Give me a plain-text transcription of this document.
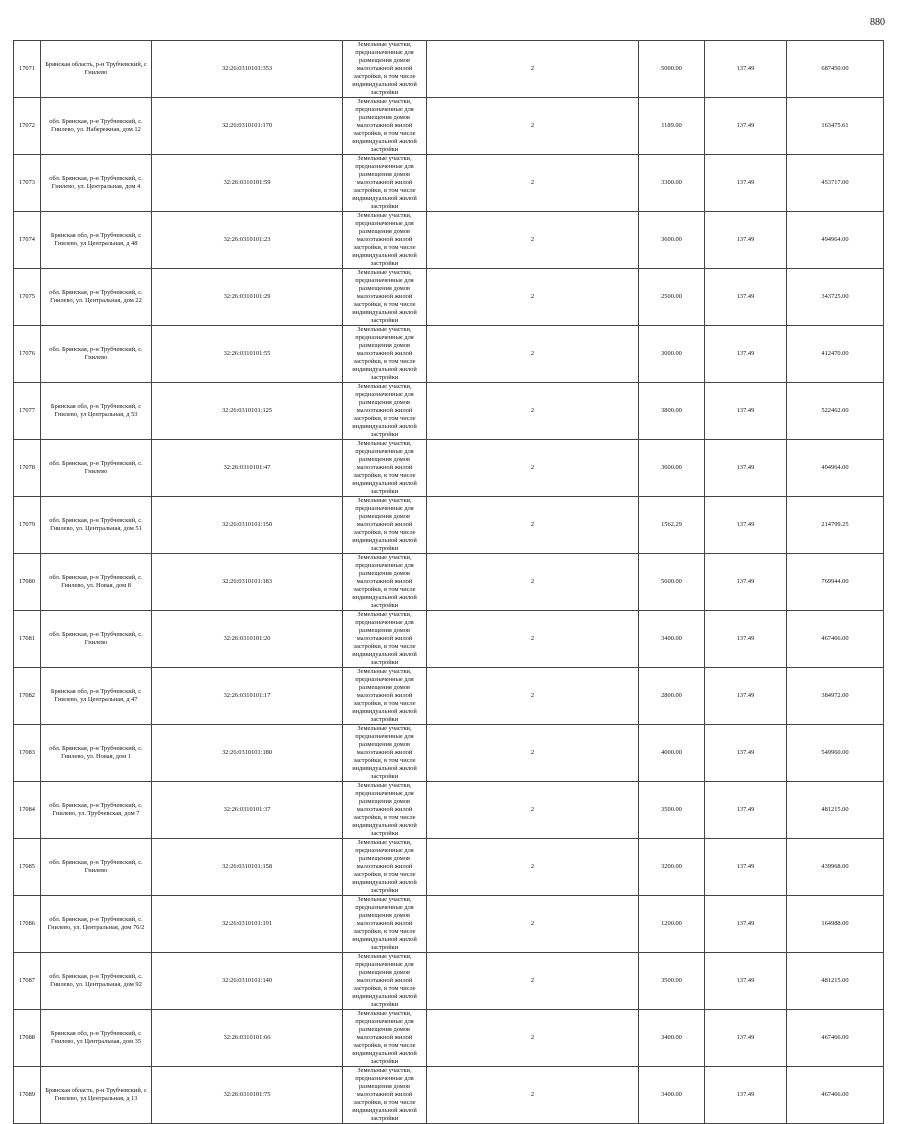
880
17071	Брянская область, р-н Трубчевский, с Гнилево	32:26:0310101:353	Земельные участки, предназначенные для размещения домов малоэтажной жилой застройки, в том числе индивидуальной жилой застройки	2	5000.00	137.49	687450.00
17072	обл. Брянская, р-н Трубчевский, с. Гнилево, ул. Набережная, дом 12	32:26:0310101:170	Земельные участки, предназначенные для размещения домов малоэтажной жилой застройки, в том числе индивидуальной жилой застройки	2	1189.00	137.49	163475.61
17073	обл. Брянская, р-н Трубчевский, с. Гнилево, ул. Центральная, дом 4	32:26:0310101:59	Земельные участки, предназначенные для размещения домов малоэтажной жилой застройки, в том числе индивидуальной жилой застройки	2	3300.00	137.49	453717.00
17074	Брянская обл, р-н Трубчевский, с Гнилево, ул Центральная, д 48	32:26:0310101:23	Земельные участки, предназначенные для размещения домов малоэтажной жилой застройки, в том числе индивидуальной жилой застройки	2	3600.00	137.49	494964.00
17075	обл. Брянская, р-н Трубчевский, с. Гнилево, ул. Центральная, дом 22	32:26:0310101:29	Земельные участки, предназначенные для размещения домов малоэтажной жилой застройки, в том числе индивидуальной жилой застройки	2	2500.00	137.49	343725.00
17076	обл. Брянская, р-н Трубчевский, с. Гнилево	32:26:0310101:55	Земельные участки, предназначенные для размещения домов малоэтажной жилой застройки, в том числе индивидуальной жилой застройки	2	3000.00	137.49	412470.00
17077	Брянская обл, р-н Трубчевский, с Гнилево, ул Центральная, д 53	32:26:0310101:125	Земельные участки, предназначенные для размещения домов малоэтажной жилой застройки, в том числе индивидуальной жилой застройки	2	3800.00	137.49	522462.00
17078	обл. Брянская, р-н Трубчевский, с. Гнилево	32:26:0310101:47	Земельные участки, предназначенные для размещения домов малоэтажной жилой застройки, в том числе индивидуальной жилой застройки	2	3600.00	137.49	494964.00
17079	обл. Брянская, р-н Трубчевский, с. Гнилево, ул. Центральная, дом 51	32:26:0310101:150	Земельные участки, предназначенные для размещения домов малоэтажной жилой застройки, в том числе индивидуальной жилой застройки	2	1562.29	137.49	214799.25
17080	обл. Брянская, р-н Трубчевский, с. Гнилево, ул. Новая, дом 8	32:26:0310101:183	Земельные участки, предназначенные для размещения домов малоэтажной жилой застройки, в том числе индивидуальной жилой застройки	2	5600.00	137.49	769944.00
17081	обл. Брянская, р-н Трубчевский, с. Гнилево	32:26:0310101:20	Земельные участки, предназначенные для размещения домов малоэтажной жилой застройки, в том числе индивидуальной жилой застройки	2	3400.00	137.49	467466.00
17082	Брянская обл, р-н Трубчевский, с Гнилево, ул Центральная, д 47	32:26:0310101:17	Земельные участки, предназначенные для размещения домов малоэтажной жилой застройки, в том числе индивидуальной жилой застройки	2	2800.00	137.49	384972.00
17083	обл. Брянская, р-н Трубчевский, с. Гнилево, ул. Новая, дом 1	32:26:0310101:180	Земельные участки, предназначенные для размещения домов малоэтажной жилой застройки, в том числе индивидуальной жилой застройки	2	4000.00	137.49	549960.00
17084	обл. Брянская, р-н Трубчевский, с. Гнилево, ул. Трубчевская, дом 7	32:26:0310101:37	Земельные участки, предназначенные для размещения домов малоэтажной жилой застройки, в том числе индивидуальной жилой застройки	2	3500.00	137.49	481215.00
17085	обл. Брянская, р-н Трубчевский, с. Гнилево	32:26:0310101:158	Земельные участки, предназначенные для размещения домов малоэтажной жилой застройки, в том числе индивидуальной жилой застройки	2	3200.00	137.49	439968.00
17086	обл. Брянская, р-н Трубчевский, с. Гнилево, ул. Центральная, дом 76/2	32:26:0310101:191	Земельные участки, предназначенные для размещения домов малоэтажной жилой застройки, в том числе индивидуальной жилой застройки	2	1200.00	137.49	164988.00
17087	обл. Брянская, р-н Трубчевский, с. Гнилево, ул. Центральная, дом 92	32:26:0310101:140	Земельные участки, предназначенные для размещения домов малоэтажной жилой застройки, в том числе индивидуальной жилой застройки	2	3500.00	137.49	481215.00
17088	Брянская обл, р-н Трубчевский, с Гнилево, ул Центральная, дом 35	32:26:0310101:66	Земельные участки, предназначенные для размещения домов малоэтажной жилой застройки, в том числе индивидуальной жилой застройки	2	3400.00	137.49	467466.00
17089	Брянская область, р-н Трубчевский, с Гнилево, ул Центральная, д 13	32:26:0310101:75	Земельные участки, предназначенные для размещения домов малоэтажной жилой застройки, в том числе индивидуальной жилой застройки	2	3400.00	137.49	467466.00
